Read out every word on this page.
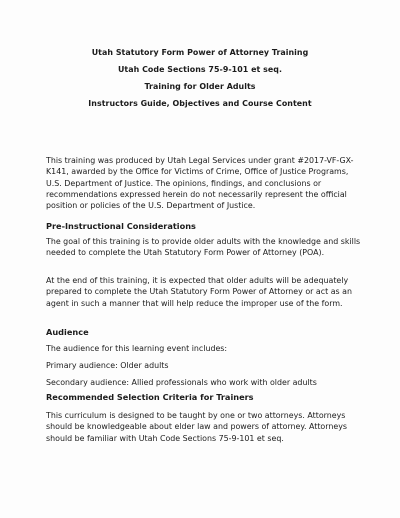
Utah Statutory Form Power of Attorney Training
Utah Code Sections 75-9-101 et seq.
Training for Older Adults
Instructors Guide, Objectives and Course Content

This training was produced by Utah Legal Services under grant #2017-VF-GX-K141, awarded by the Office for Victims of Crime, Office of Justice Programs, U.S. Department of Justice. The opinions, findings, and conclusions or recommendations expressed herein do not necessarily represent the official position or policies of the U.S. Department of Justice.

Pre-Instructional Considerations

The goal of this training is to provide older adults with the knowledge and skills needed to complete the Utah Statutory Form Power of Attorney (POA).

At the end of this training, it is expected that older adults will be adequately prepared to complete the Utah Statutory Form Power of Attorney or act as an agent in such a manner that will help reduce the improper use of the form.

Audience

The audience for this learning event includes:

Primary audience: Older adults

Secondary audience: Allied professionals who work with older adults

Recommended Selection Criteria for Trainers

This curriculum is designed to be taught by one or two attorneys. Attorneys should be knowledgeable about elder law and powers of attorney. Attorneys should be familiar with Utah Code Sections 75-9-101 et seq.
